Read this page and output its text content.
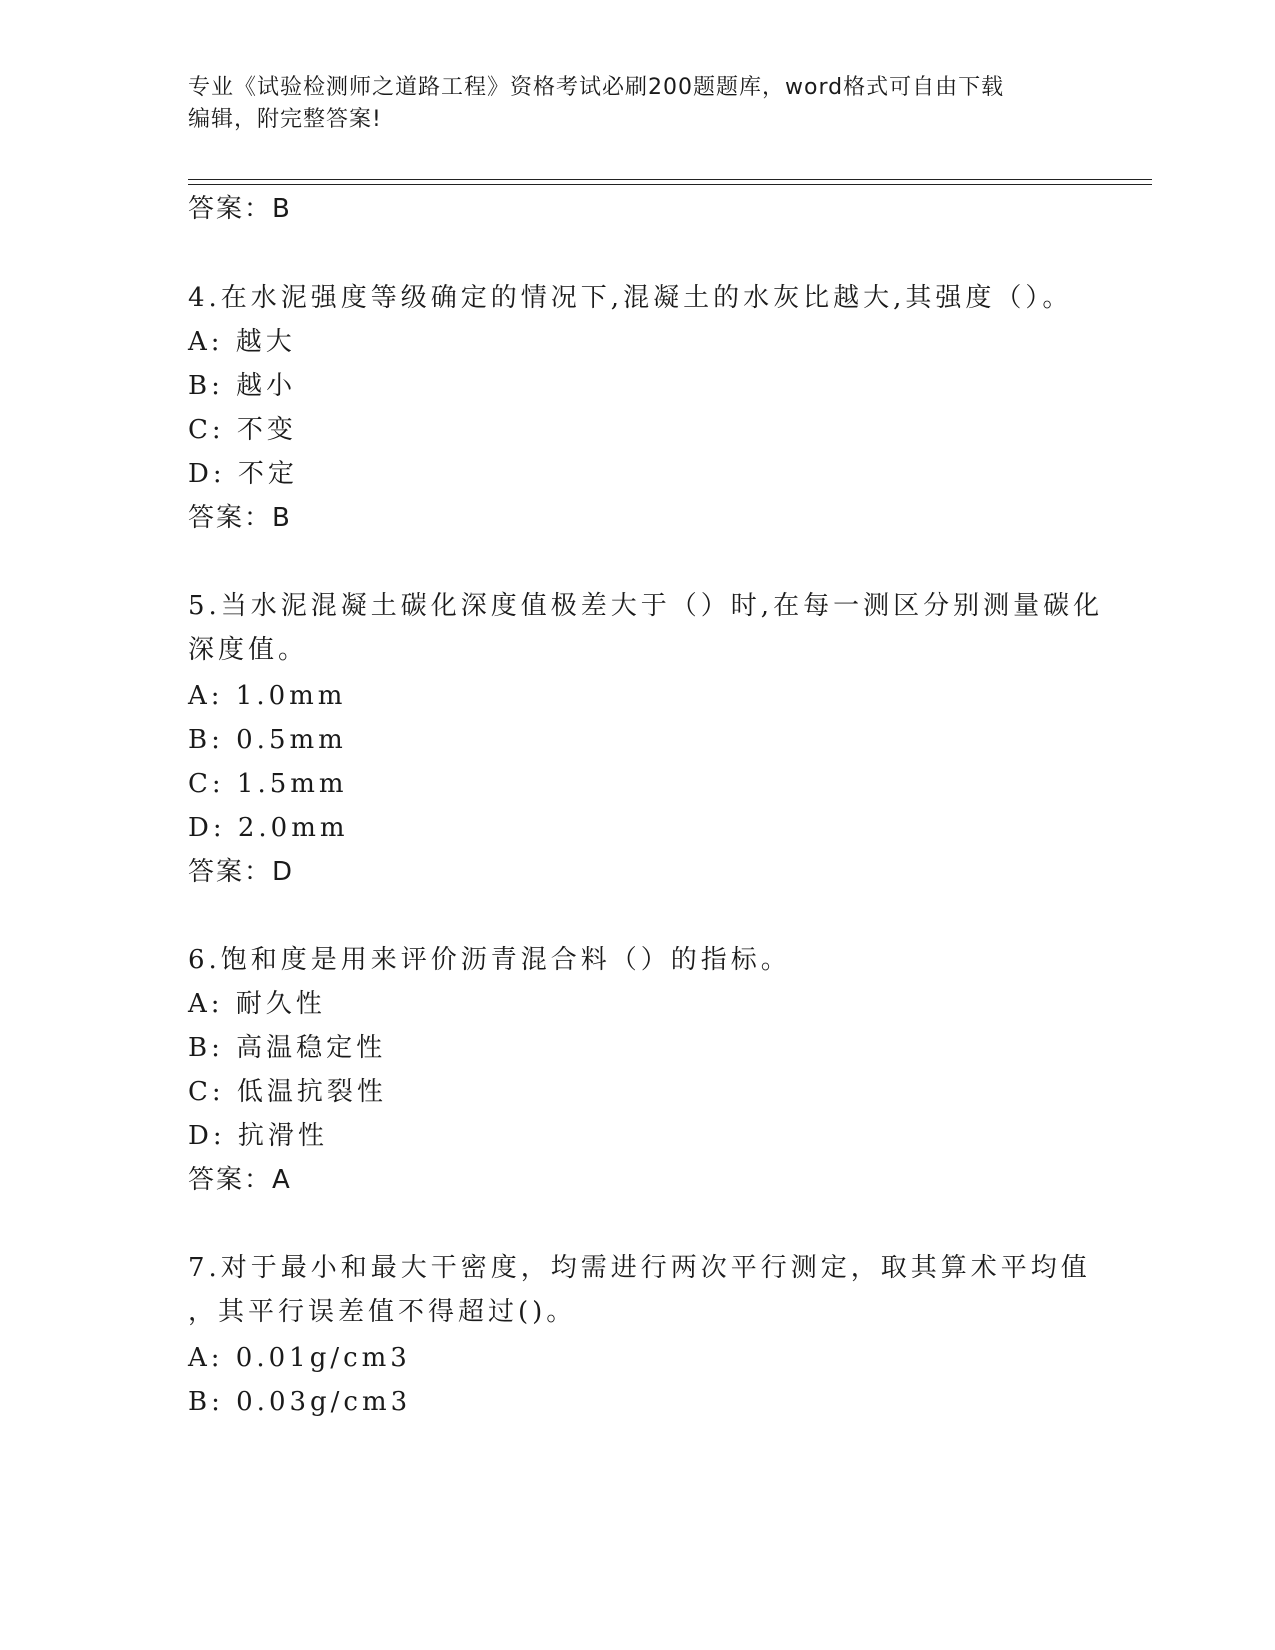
专业《试验检测师之道路工程》资格考试必刷200题题库，word格式可自由下载
编辑，附完整答案!
答案：B
4.在水泥强度等级确定的情况下,混凝土的水灰比越大,其强度（）。
A: 越大
B: 越小
C: 不变
D: 不定
答案：B
5.当水泥混凝土碳化深度值极差大于（）时,在每一测区分别测量碳化
深度值。
A: 1.0mm
B: 0.5mm
C: 1.5mm
D: 2.0mm
答案：D
6.饱和度是用来评价沥青混合料（）的指标。
A: 耐久性
B: 高温稳定性
C: 低温抗裂性
D: 抗滑性
答案：A
7.对于最小和最大干密度，均需进行两次平行测定，取其算术平均值
，其平行误差值不得超过()。
A: 0.01g/cm3
B: 0.03g/cm3
